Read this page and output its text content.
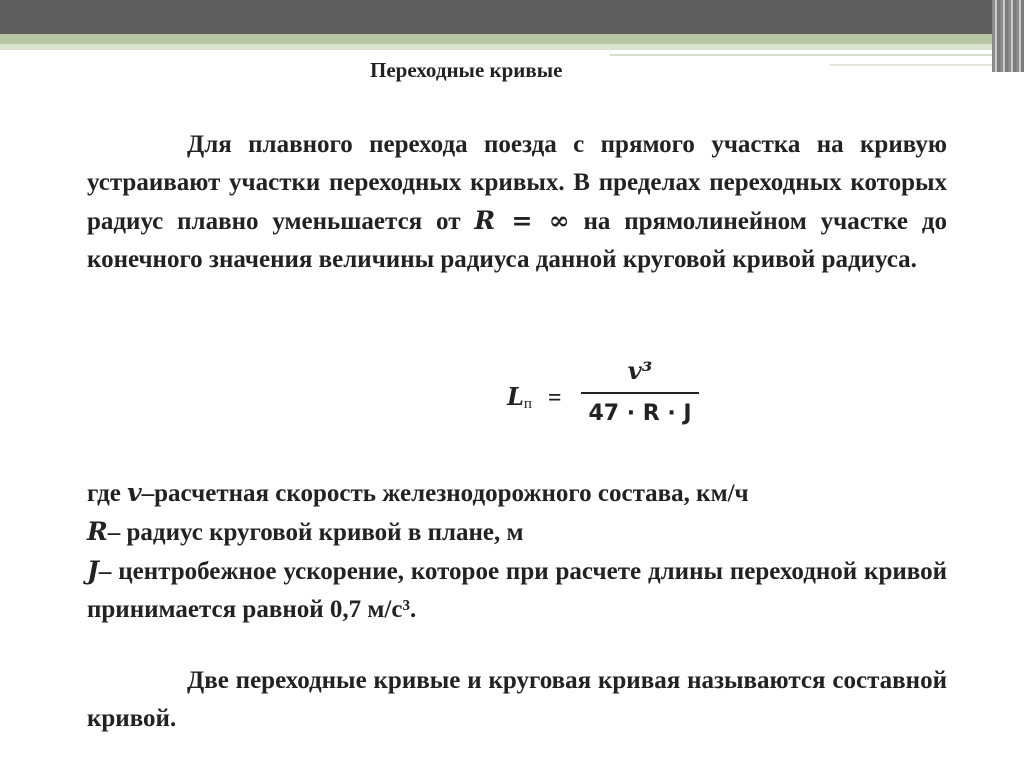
Переходные кривые
Для плавного перехода поезда с прямого участка на кривую устраивают участки переходных кривых. В пределах переходных которых радиус плавно уменьшается от R = ∞ на прямолинейном участке до конечного значения величины радиуса данной круговой кривой радиуса.
$L_п$ =
v³
47 · R · J
где v–расчетная скорость железнодорожного состава, км/ч
R– радиус круговой кривой в плане, м
J– центробежное ускорение, которое при расчете длины переходной кривой принимается равной 0,7 м/с³.
Две переходные кривые и круговая кривая называются составной кривой.
